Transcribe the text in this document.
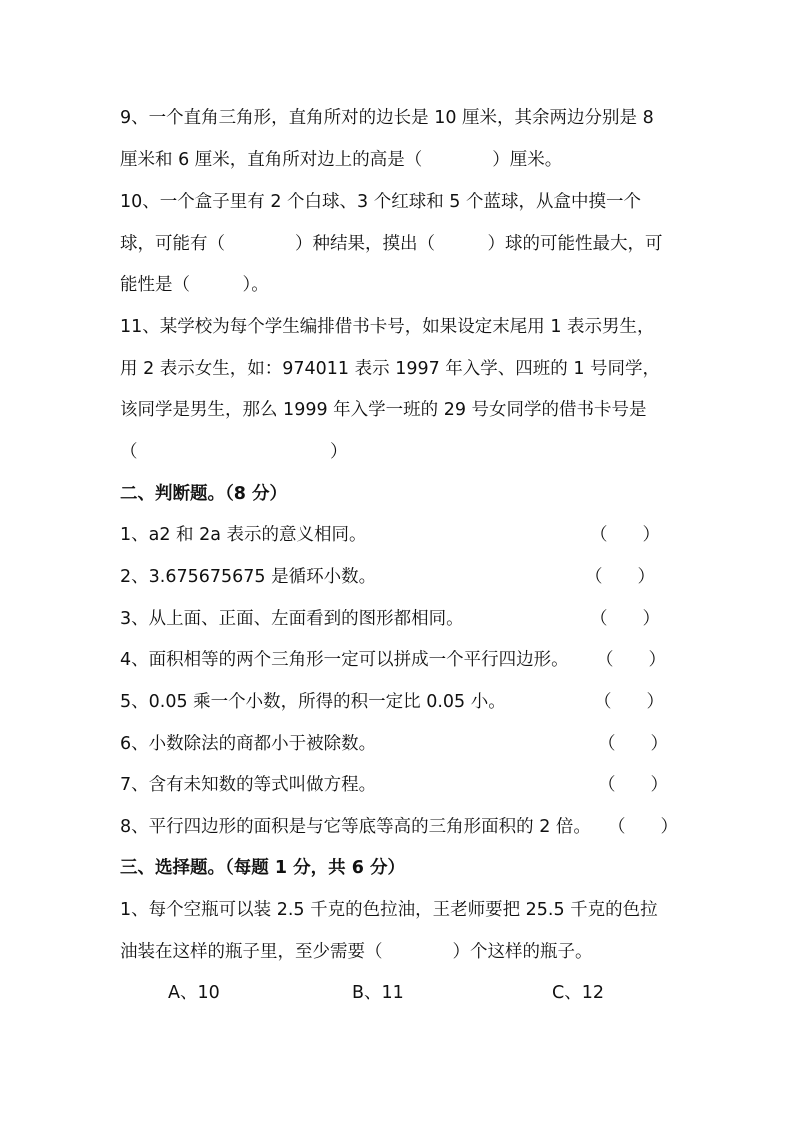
9、一个直角三角形，直角所对的边长是 10 厘米，其余两边分别是 8
厘米和 6 厘米，直角所对边上的高是（　　　　）厘米。
10、一个盒子里有 2 个白球、3 个红球和 5 个蓝球，从盒中摸一个
球，可能有（　　　　）种结果，摸出（　　　）球的可能性最大，可
能性是（　　　）。
11、某学校为每个学生编排借书卡号，如果设定末尾用 1 表示男生，
用 2 表示女生，如：974011 表示 1997 年入学、四班的 1 号同学，
该同学是男生，那么 1999 年入学一班的 29 号女同学的借书卡号是
（　　　　　　　　　　　）
二、判断题。（8 分）
1、a2 和 2a 表示的意义相同。	（　　）
2、3.675675675 是循环小数。	（　　）
3、从上面、正面、左面看到的图形都相同。	（　　）
4、面积相等的两个三角形一定可以拼成一个平行四边形。 （　　）
5、0.05 乘一个小数，所得的积一定比 0.05 小。	（　　）
6、小数除法的商都小于被除数。	（　　）
7、含有未知数的等式叫做方程。	（　　）
8、平行四边形的面积是与它等底等高的三角形面积的 2 倍。 （　　）
三、选择题。（每题 1 分，共 6 分）
1、每个空瓶可以装 2.5 千克的色拉油，王老师要把 25.5 千克的色拉
油装在这样的瓶子里，至少需要（　　　　）个这样的瓶子。
A、10	B、11	C、12
